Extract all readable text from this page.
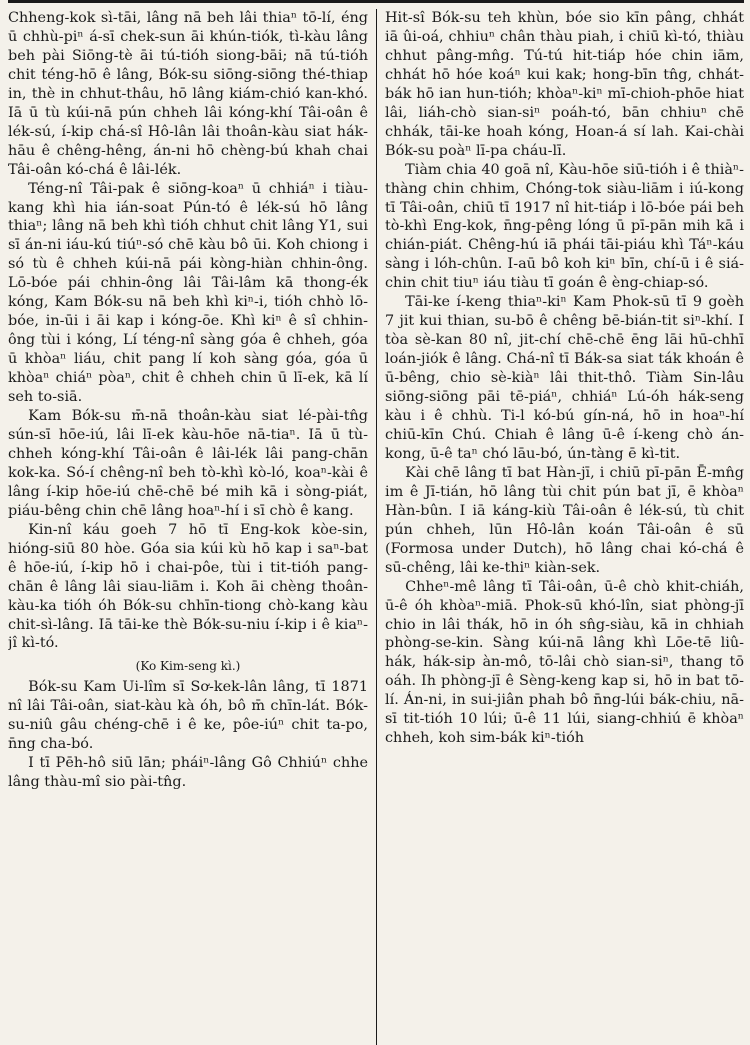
Chheng-kok sì-tāi, lâng nā beh lâi thiaⁿ tō-lí, éng ū chhù-piⁿ á-sī chek-sun āi khún-tiók, tì-kàu lâng beh pài Siōng-tè āi tú-tióh siong-bāi; nā tú-tióh chit téng-hō ê lâng, Bók-su siōng-siōng thé-thiap in, thè in chhut-thâu, hō lâng kiám-chió kan-khó. Iā ū tù kúi-nā pún chheh lâi kóng-khí Tâi-oân ê lék-sú, í-kip chá-sî Hô-lân lâi thoân-kàu siat hák-hāu ê chêng-hêng, án-ni hō chèng-bú khah chai Tâi-oân kó-chá ê lâi-lék.

Téng-nî Tâi-pak ê siōng-koaⁿ ū chhiáⁿ i tiàu-kang khì hia ián-soat Pún-tó ê lék-sú hō lâng thiaⁿ; lâng nā beh khì tióh chhut chit lâng Y1, sui sī án-ni iáu-kú tiúⁿ-só chē kàu bô ūi. Koh chiong i só tù ê chheh kúi-nā pái kòng-hiàn chhin-ông. Lō-bóe pái chhin-ông lâi Tâi-lâm kā thong-ék kóng, Kam Bók-su nā beh khì kiⁿ-i, tióh chhò lō-bóe, in-ūi i āi kap i kóng-ōe. Khì kiⁿ ê sî chhin-ông tùi i kóng, Lí téng-nî sàng góa ê chheh, góa ū khòaⁿ liáu, chit pang lí koh sàng góa, góa ū khòaⁿ chiáⁿ pòaⁿ, chit ê chheh chin ū lī-ek, kā lí seh to-siā.

Kam Bók-su m̄-nā thoân-kàu siat lé-pài-tn̂g sún-sī hōe-iú, lâi lī-ek kàu-hōe nā-tiaⁿ. Iā ū tù-chheh kóng-khí Tâi-oân ê lâi-lék lâi pang-chān kok-ka. Só-í chêng-nî beh tò-khì kò-ló, koaⁿ-kài ê lâng í-kip hōe-iú chē-chē bé mih kā i sòng-piát, piáu-bêng chin chē lâng hoaⁿ-hí i sī chò ê kang.

Kin-nî káu goeh 7 hō tī Eng-kok kòe-sin, hióng-siū 80 hòe. Góa sia kúi kù hō kap i saⁿ-bat ê hōe-iú, í-kip hō i chai-pôe, tùi i tit-tióh pang-chān ê lâng lâi siau-liām i. Koh āi chèng thoân-kàu-ka tióh óh Bók-su chhīn-tiong chò-kang kàu chit-sì-lâng. Iā tāi-ke thè Bók-su-niu í-kip i ê kiaⁿ-jî kì-tó.

(Ko Kim-seng kì.)

Bók-su Kam Ui-lîm sī Sơ-kek-lân lâng, tī 1871 nî lâi Tâi-oân, siat-kàu kà óh, bô m̄ chīn-lát. Bók-su-niû gâu chéng-chē i ê ke, pôe-iúⁿ chit ta-po, n̄ng cha-bó.

I tī Pēh-hô siū lān; pháiⁿ-lâng Gô Chhiúⁿ chhe lâng thàu-mî sio pài-tn̂g.

Hit-sî Bók-su teh khùn, bóe sio kīn pâng, chhát iā ûi-oá, chhiuⁿ chân thàu piah, i chiū kì-tó, thiàu chhut pâng-mn̂g. Tú-tú hit-tiáp hóe chin iām, chhát hō hóe koáⁿ kui kak; hong-bīn tn̂g, chhát-bák hō ian hun-tióh; khòaⁿ-kiⁿ mī-chioh-phōe hiat lâi, liáh-chò sian-siⁿ poáh-tó, bān chhiuⁿ chē chhák, tāi-ke hoah kóng, Hoan-á sí lah. Kai-chài Bók-su poàⁿ lī-pa cháu-lī.

Tiàm chia 40 goā nî, Kàu-hōe siū-tióh i ê thiàⁿ-thàng chin chhim, Chóng-tok siàu-liām i iú-kong tī Tâi-oân, chiū tī 1917 nî hit-tiáp i lō-bóe pái beh tò-khì Eng-kok, n̄ng-pêng lóng ū pī-pān mih kā i chián-piát. Chêng-hú iā phái tāi-piáu khì Táⁿ-káu sàng i lóh-chûn. I-aū bô koh kiⁿ bīn, chí-ū i ê siá-chin chit tiuⁿ iáu tiàu tī goán ê èng-chiap-só.

Tāi-ke í-keng thiaⁿ-kiⁿ Kam Phok-sū tī 9 goèh 7 jit kui thian, su-bō ê chêng bē-bián-tit siⁿ-khí. I tòa sè-kan 80 nî, jit-chí chē-chē ēng lāi hū-chhī loán-jiók ê lâng. Chá-nî tī Bák-sa siat ták khoán ê ū-bêng, chio sè-kiàⁿ lâi thit-thô. Tiàm Sin-lâu siōng-siōng pāi tē-piáⁿ, chhiáⁿ Lú-óh hák-seng kàu i ê chhù. Ti-l kó-bú gín-ná, hō in hoaⁿ-hí chiū-kīn Chú. Chiah ê lâng ū-ê í-keng chò án-kong, ū-ê taⁿ chó lāu-bó, ún-tàng ē kì-tit.

Kài chē lâng tī bat Hàn-jī, i chiū pī-pān Ē-mn̂g im ê Jī-tián, hō lâng tùi chit pún bat jī, ē khòaⁿ Hàn-bûn. I iā káng-kiù Tâi-oân ê lék-sú, tù chit pún chheh, lūn Hô-lân koán Tâi-oân ê sū (Formosa under Dutch), hō lâng chai kó-chá ê sū-chêng, lâi ke-thiⁿ kiàn-sek.

Chheⁿ-mê lâng tī Tâi-oân, ū-ê chò khit-chiáh, ū-ê óh khòaⁿ-miā. Phok-sū khó-lîn, siat phòng-jī chio in lâi thák, hō in óh sn̂g-siàu, kā in chhiah phòng-se-kin. Sàng kúi-nā lâng khì Lōe-tē liû-hák, hák-sip àn-mô, tō-lâi chò sian-siⁿ, thang tō oáh. Ih phòng-jī ê Sèng-keng kap si, hō in bat tō-lí. Án-ni, in sui-jiân phah bô n̄ng-lúi bák-chiu, nā-sī tit-tióh 10 lúi; ū-ê 11 lúi, siang-chhiú ē khòaⁿ chheh, koh sim-bák kiⁿ-tióh
